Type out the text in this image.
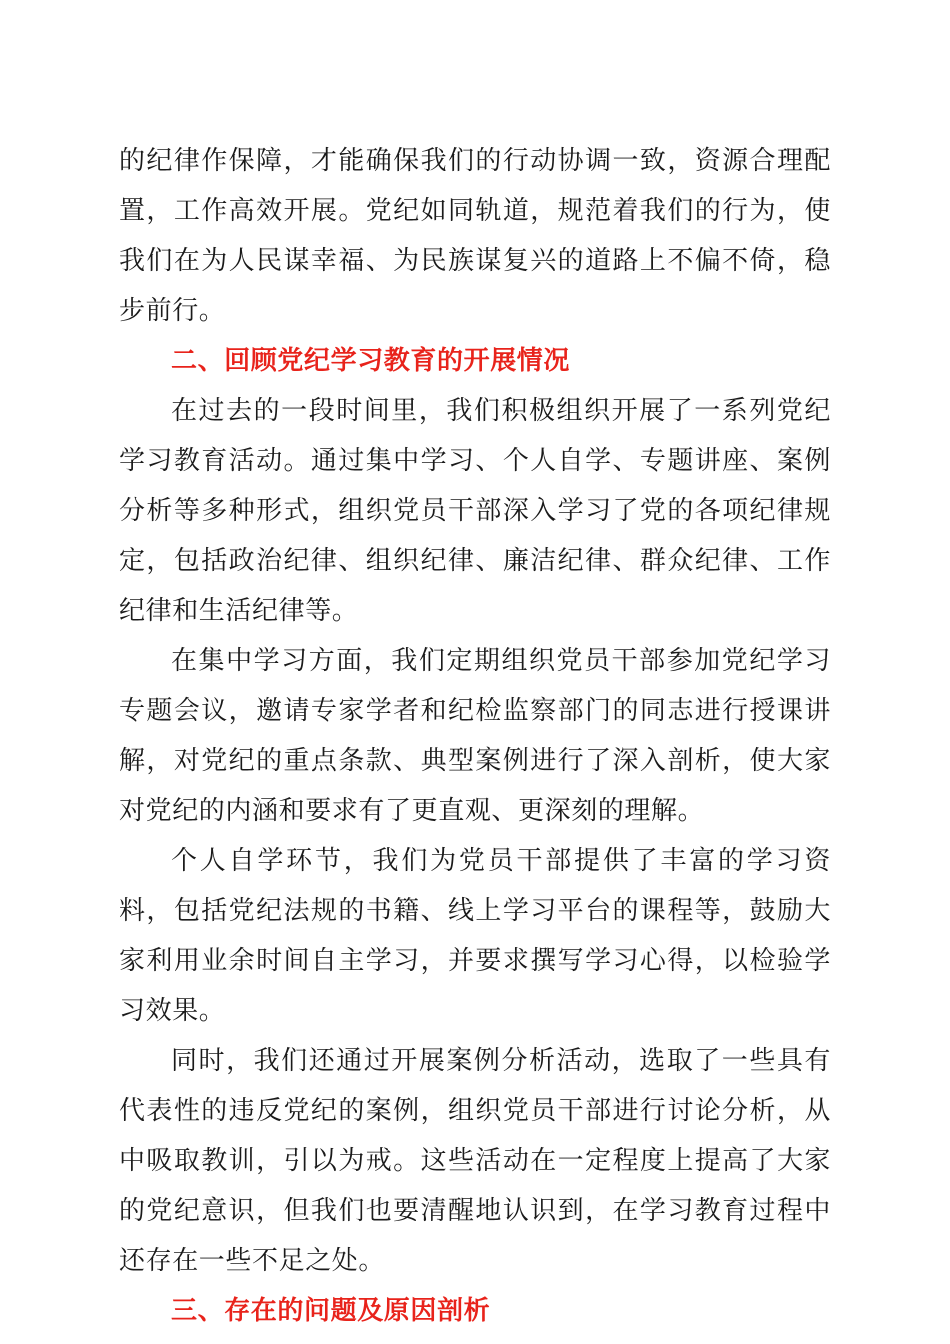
的纪律作保障，才能确保我们的行动协调一致，资源合理配置，工作高效开展。党纪如同轨道，规范着我们的行为，使我们在为人民谋幸福、为民族谋复兴的道路上不偏不倚，稳步前行。

二、回顾党纪学习教育的开展情况

在过去的一段时间里，我们积极组织开展了一系列党纪学习教育活动。通过集中学习、个人自学、专题讲座、案例分析等多种形式，组织党员干部深入学习了党的各项纪律规定，包括政治纪律、组织纪律、廉洁纪律、群众纪律、工作纪律和生活纪律等。

在集中学习方面，我们定期组织党员干部参加党纪学习专题会议，邀请专家学者和纪检监察部门的同志进行授课讲解，对党纪的重点条款、典型案例进行了深入剖析，使大家对党纪的内涵和要求有了更直观、更深刻的理解。

个人自学环节，我们为党员干部提供了丰富的学习资料，包括党纪法规的书籍、线上学习平台的课程等，鼓励大家利用业余时间自主学习，并要求撰写学习心得，以检验学习效果。

同时，我们还通过开展案例分析活动，选取了一些具有代表性的违反党纪的案例，组织党员干部进行讨论分析，从中吸取教训，引以为戒。这些活动在一定程度上提高了大家的党纪意识，但我们也要清醒地认识到，在学习教育过程中还存在一些不足之处。

三、存在的问题及原因剖析
